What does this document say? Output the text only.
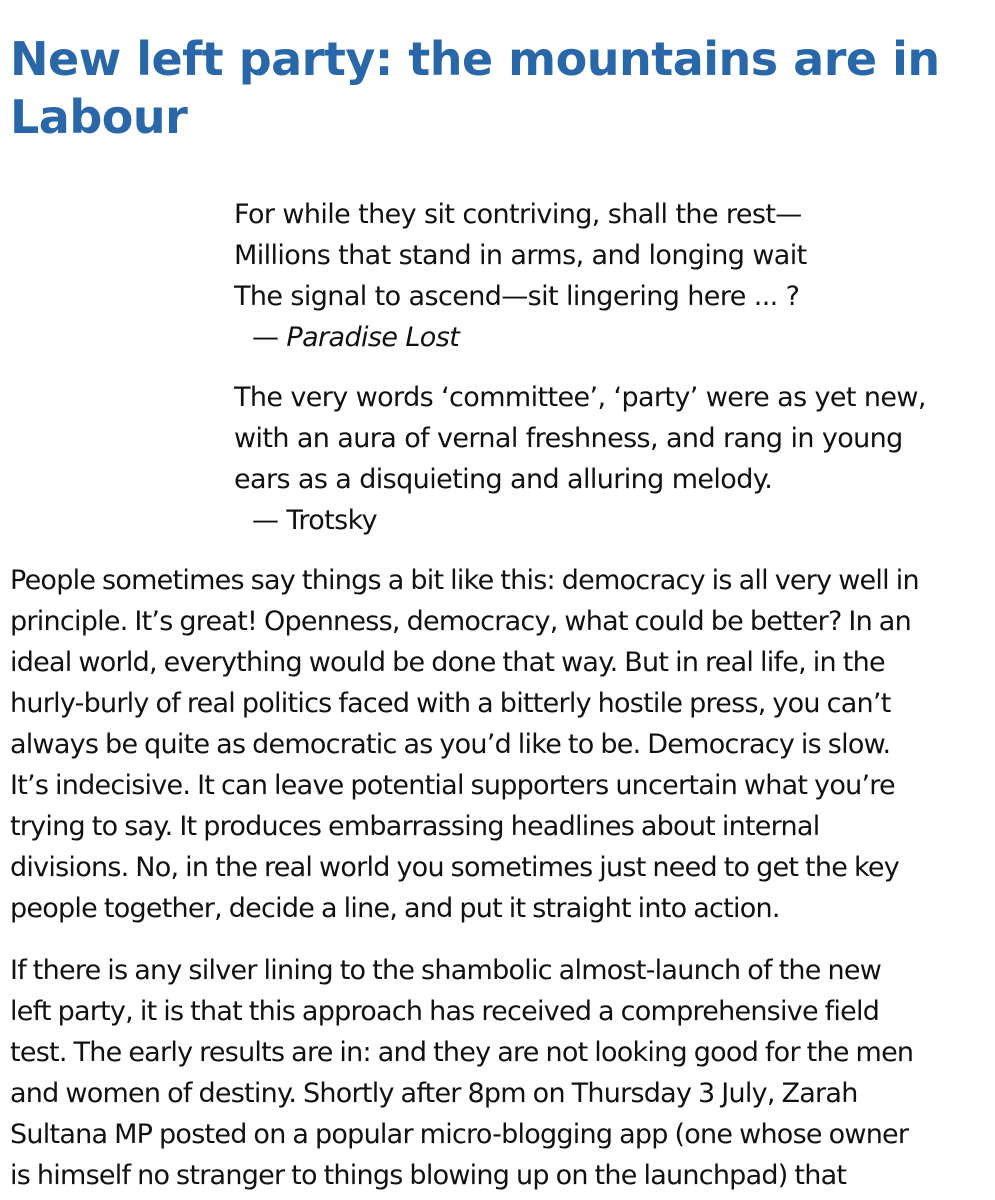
New left party: the mountains are in Labour
For while they sit contriving, shall the rest—
Millions that stand in arms, and longing wait
The signal to ascend—sit lingering here ... ?
— Paradise Lost
The very words ‘committee’, ‘party’ were as yet new,
with an aura of vernal freshness, and rang in young
ears as a disquieting and alluring melody.
— Trotsky
People sometimes say things a bit like this: democracy is all very well in
principle. It’s great! Openness, democracy, what could be better? In an
ideal world, everything would be done that way. But in real life, in the
hurly-burly of real politics faced with a bitterly hostile press, you can’t
always be quite as democratic as you’d like to be. Democracy is slow.
It’s indecisive. It can leave potential supporters uncertain what you’re
trying to say. It produces embarrassing headlines about internal
divisions. No, in the real world you sometimes just need to get the key
people together, decide a line, and put it straight into action.
If there is any silver lining to the shambolic almost-launch of the new
left party, it is that this approach has received a comprehensive field
test. The early results are in: and they are not looking good for the men
and women of destiny. Shortly after 8pm on Thursday 3 July, Zarah
Sultana MP posted on a popular micro-blogging app (one whose owner
is himself no stranger to things blowing up on the launchpad) that
